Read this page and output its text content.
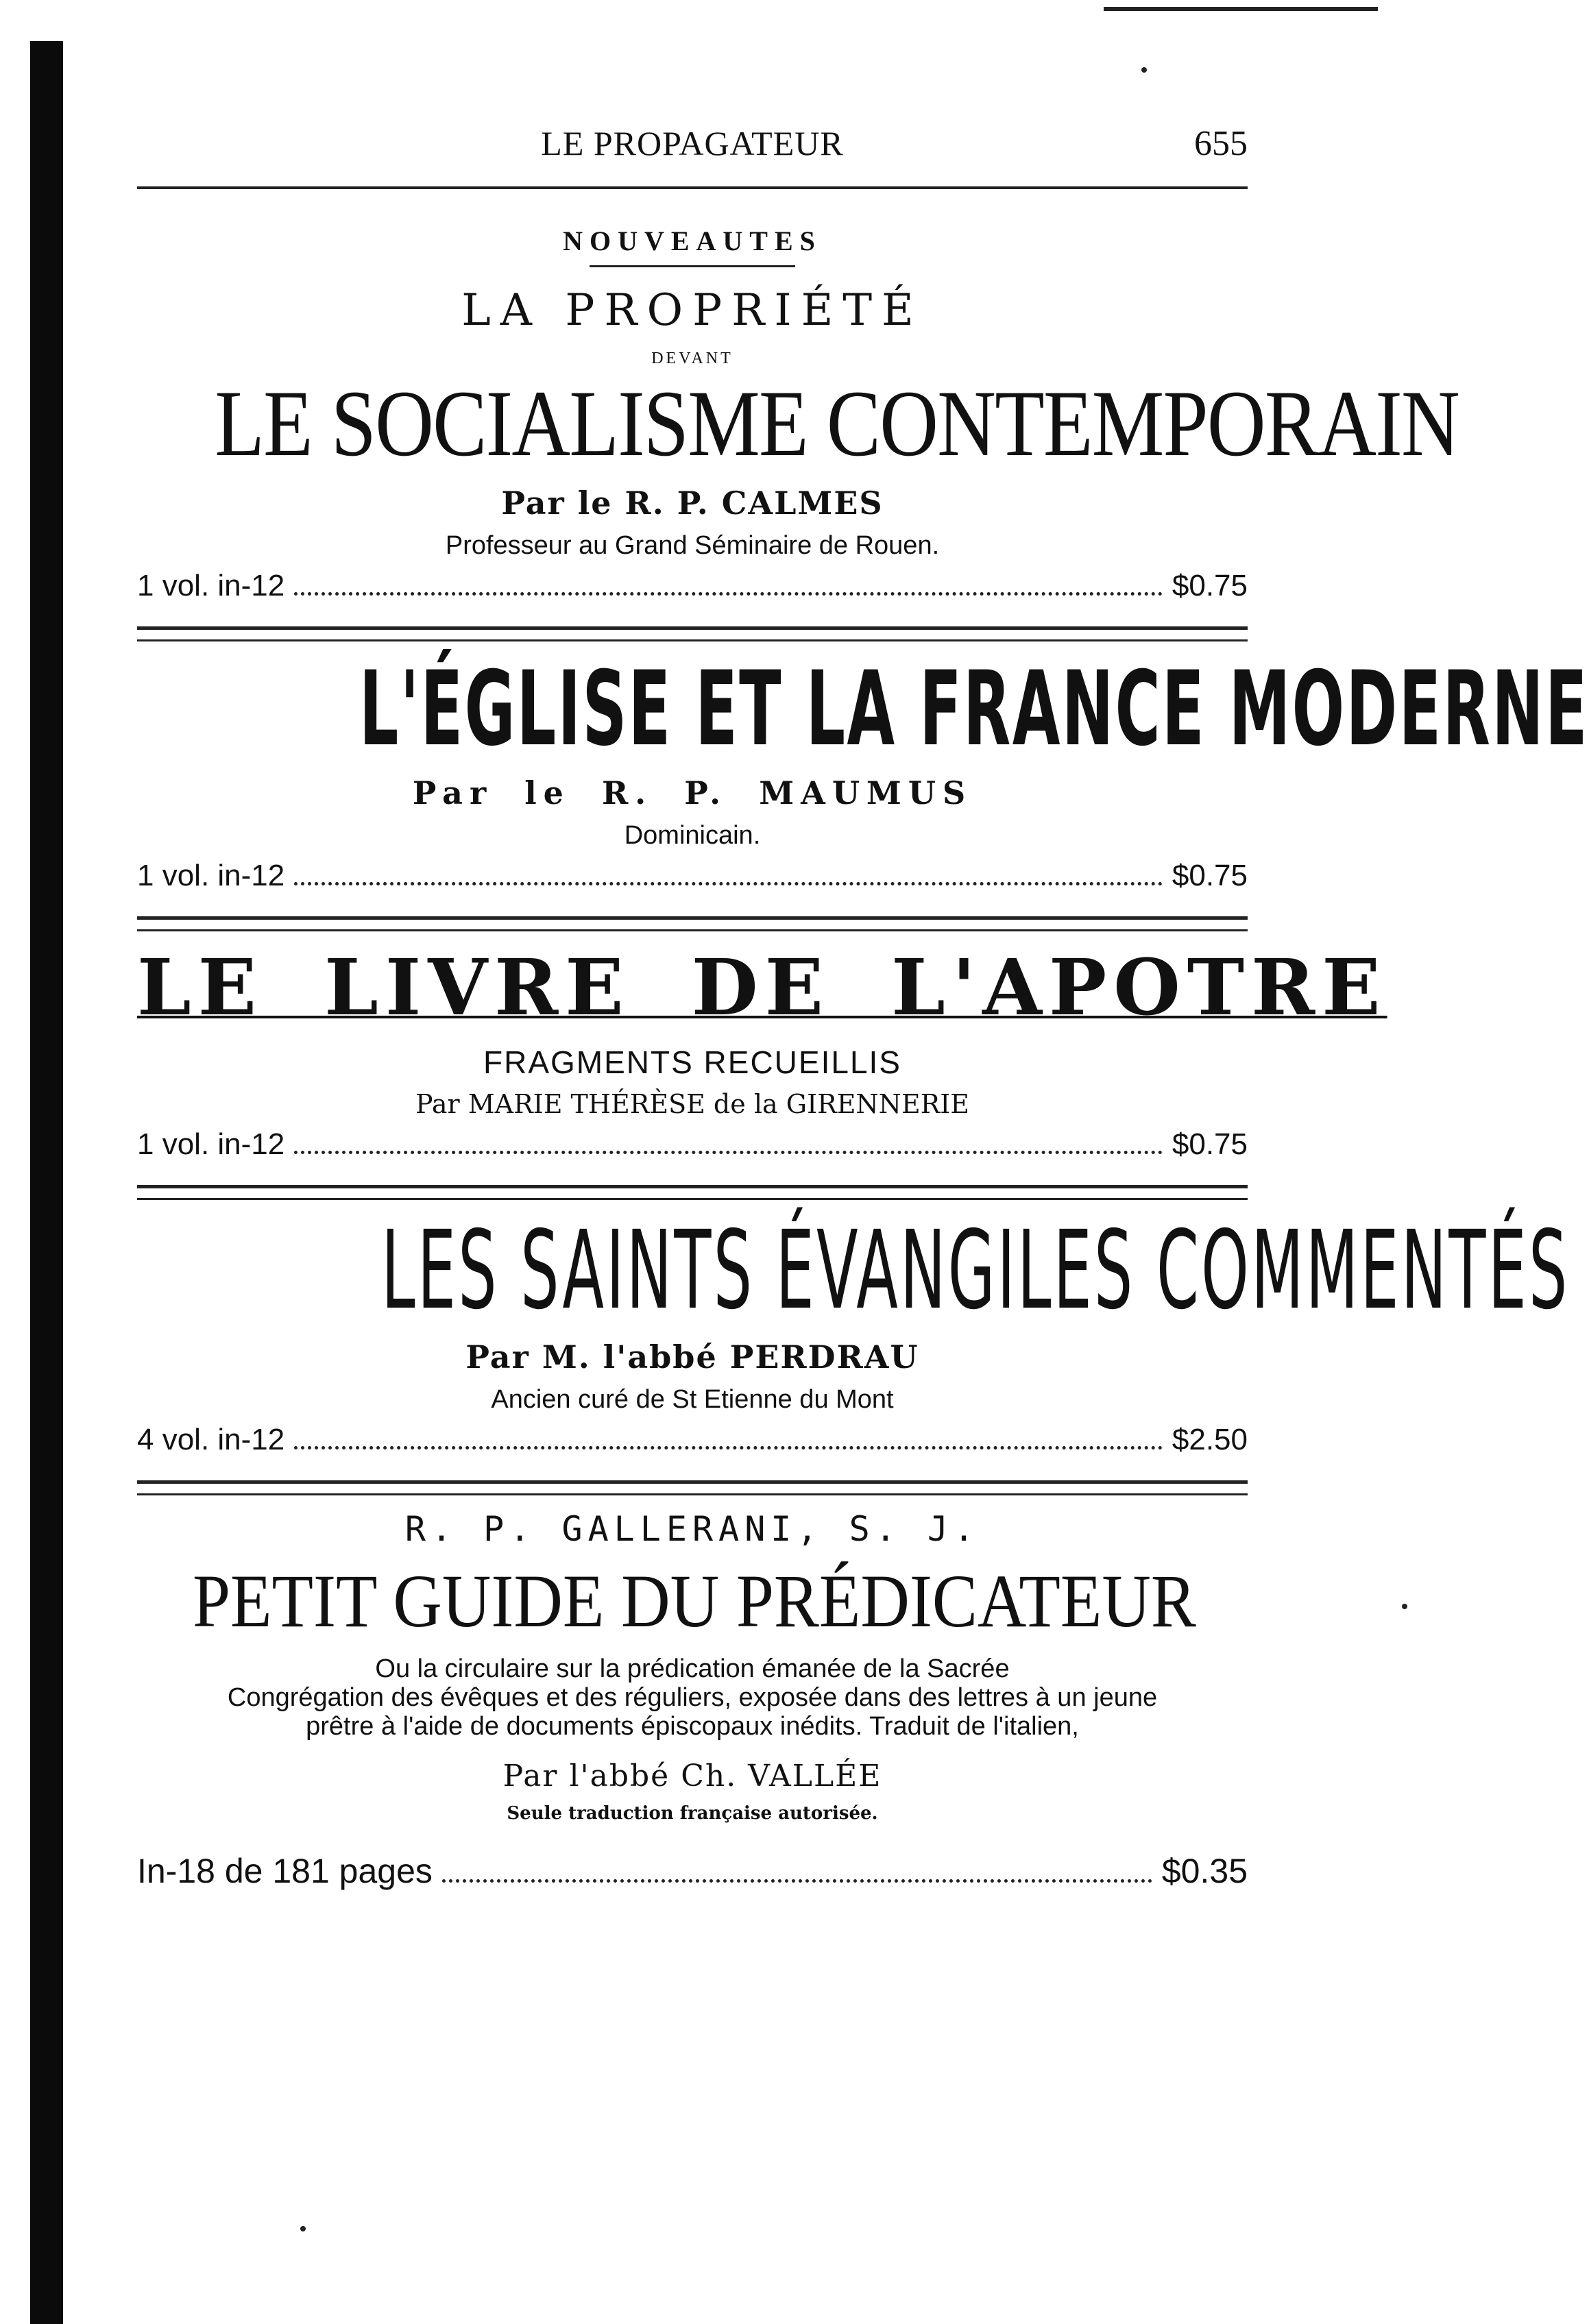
LE PROPAGATEUR	655
NOUVEAUTES
LA PROPRIÉTÉ
DEVANT
LE SOCIALISME CONTEMPORAIN
Par le R. P. CALMES
Professeur au Grand Séminaire de Rouen.
1 vol. in-12	$0.75
L'ÉGLISE ET LA FRANCE MODERNE
Par le R. P. MAUMUS
Dominicain.
1 vol. in-12	$0.75
LE LIVRE DE L'APOTRE
FRAGMENTS RECUEILLIS
Par MARIE THÉRÈSE de la GIRENNERIE
1 vol. in-12	$0.75
LES SAINTS ÉVANGILES COMMENTÉS
Par M. l'abbé PERDRAU
Ancien curé de St Etienne du Mont
4 vol. in-12	$2.50
R. P. GALLERANI, S. J.
PETIT GUIDE DU PRÉDICATEUR
Ou la circulaire sur la prédication émanée de la Sacrée
Congrégation des évêques et des réguliers, exposée dans des lettres à un jeune
prêtre à l'aide de documents épiscopaux inédits. Traduit de l'italien,
Par l'abbé Ch. VALLÉE
Seule traduction française autorisée.
In-18 de 181 pages	$0.35
